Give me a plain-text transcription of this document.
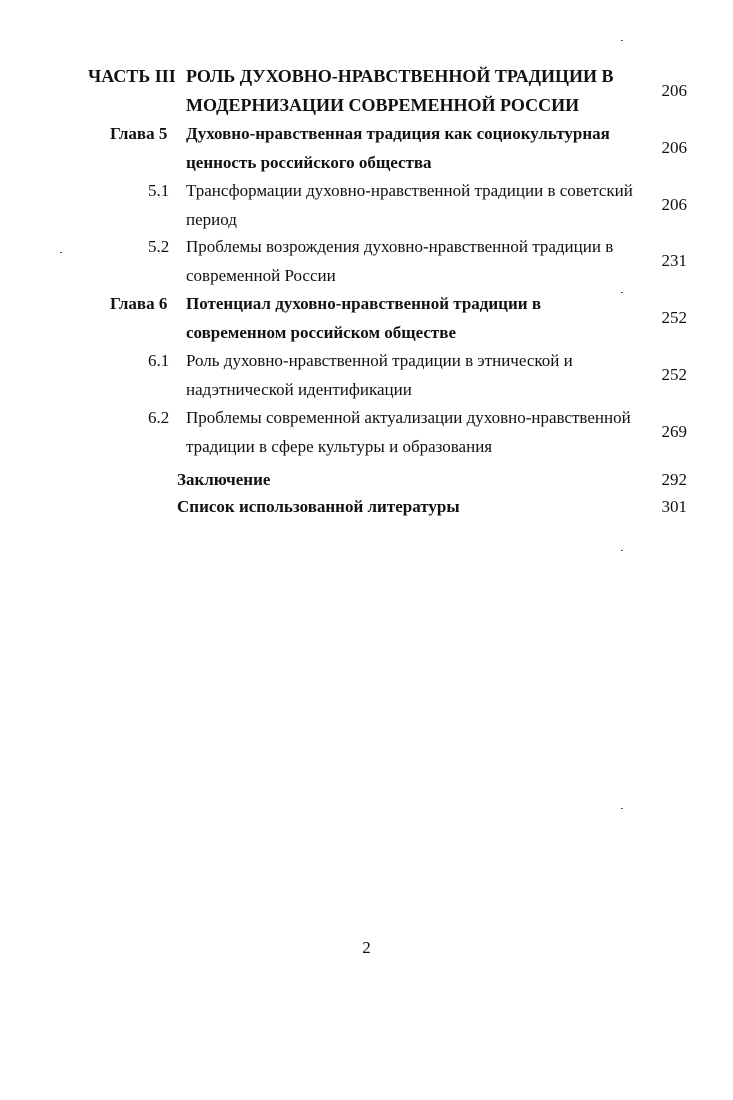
ЧАСТЬ III РОЛЬ ДУХОВНО-НРАВСТВЕННОЙ ТРАДИЦИИ В
МОДЕРНИЗАЦИИ СОВРЕМЕННОЙ РОССИИ
206
Глава 5 Духовно-нравственная традиция как социокультурная
ценность российского общества
206
5.1 Трансформации духовно-нравственной традиции в советский
период
206
5.2 Проблемы возрождения духовно-нравственной традиции в
современной России
231
Глава 6 Потенциал духовно-нравственной традиции в
современном российском обществе
252
6.1 Роль духовно-нравственной традиции в этнической и
надэтнической идентификации
252
6.2 Проблемы современной актуализации духовно-нравственной
традиции в сфере культуры и образования
269
Заключение	292
Список использованной литературы	301
2
